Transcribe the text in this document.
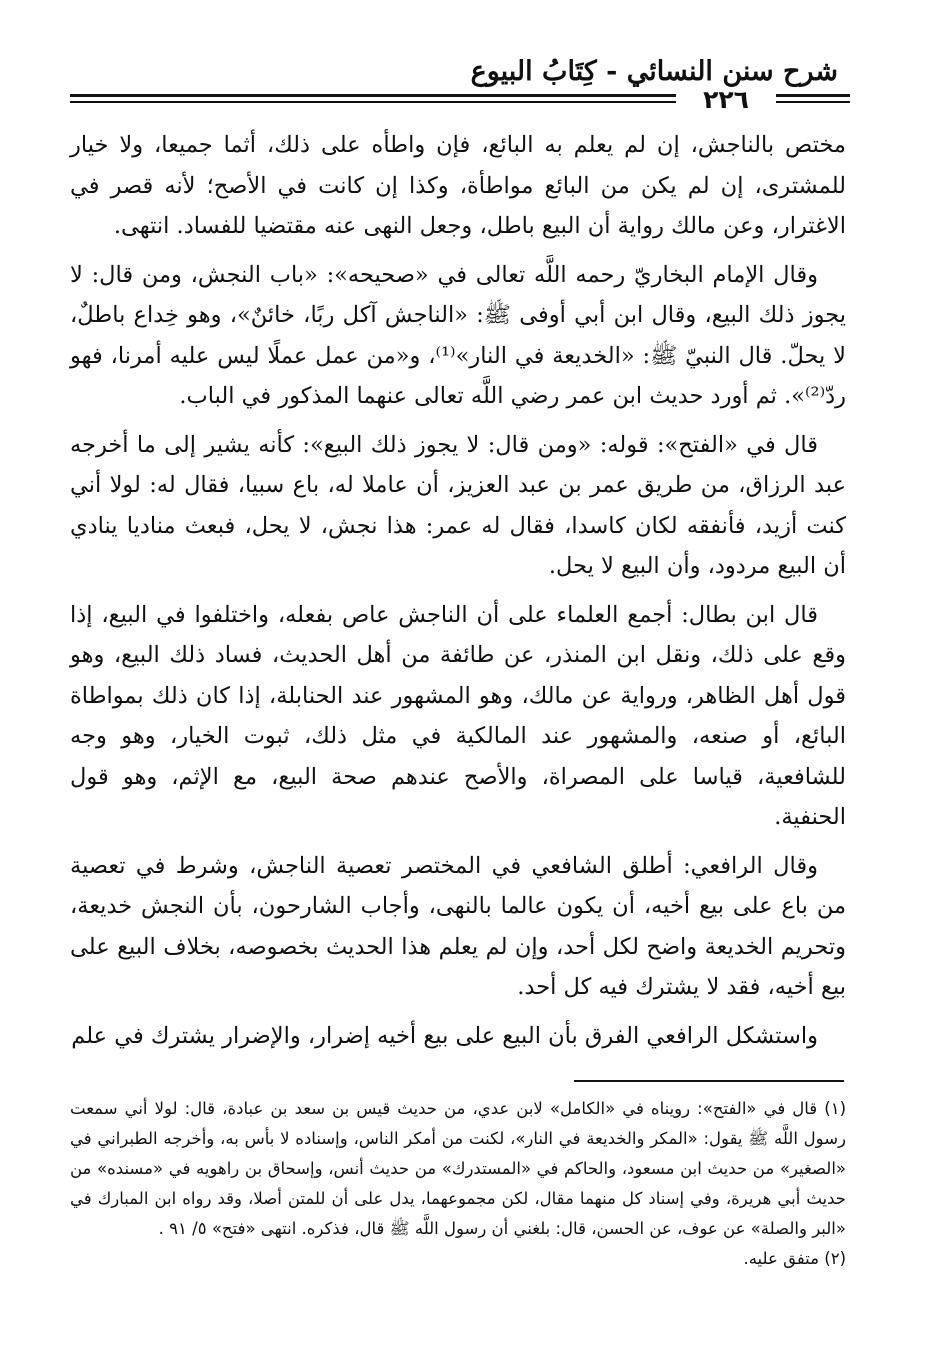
شرح سنن النسائي - كِتَابُ البيوع
٢٢٦

مختص بالناجش، إن لم يعلم به البائع، فإن واطأه على ذلك، أثما جميعا، ولا خيار للمشترى، إن لم يكن من البائع مواطأة، وكذا إن كانت في الأصح؛ لأنه قصر في الاغترار، وعن مالك رواية أن البيع باطل، وجعل النهى عنه مقتضيا للفساد. انتهى.

وقال الإمام البخاريّ رحمه اللَّه تعالى في «صحيحه»: «باب النجش، ومن قال: لا يجوز ذلك البيع، وقال ابن أبي أوفى ﷺ: «الناجش آكل ربًا، خائنٌ»، وهو خِداع باطلٌ، لا يحلّ. قال النبيّ ﷺ: «الخديعة في النار»⁽¹⁾، و«من عمل عملًا ليس عليه أمرنا، فهو ردّ⁽²⁾». ثم أورد حديث ابن عمر رضي اللَّه تعالى عنهما المذكور في الباب.

قال في «الفتح»: قوله: «ومن قال: لا يجوز ذلك البيع»: كأنه يشير إلى ما أخرجه عبد الرزاق، من طريق عمر بن عبد العزيز، أن عاملا له، باع سبيا، فقال له: لولا أني كنت أزيد، فأنفقه لكان كاسدا، فقال له عمر: هذا نجش، لا يحل، فبعث مناديا ينادي أن البيع مردود، وأن البيع لا يحل.

قال ابن بطال: أجمع العلماء على أن الناجش عاص بفعله، واختلفوا في البيع، إذا وقع على ذلك، ونقل ابن المنذر، عن طائفة من أهل الحديث، فساد ذلك البيع، وهو قول أهل الظاهر، ورواية عن مالك، وهو المشهور عند الحنابلة، إذا كان ذلك بمواطاة البائع، أو صنعه، والمشهور عند المالكية في مثل ذلك، ثبوت الخيار، وهو وجه للشافعية، قياسا على المصراة، والأصح عندهم صحة البيع، مع الإثم، وهو قول الحنفية.

وقال الرافعي: أطلق الشافعي في المختصر تعصية الناجش، وشرط في تعصية من باع على بيع أخيه، أن يكون عالما بالنهى، وأجاب الشارحون، بأن النجش خديعة، وتحريم الخديعة واضح لكل أحد، وإن لم يعلم هذا الحديث بخصوصه، بخلاف البيع على بيع أخيه، فقد لا يشترك فيه كل أحد.

واستشكل الرافعي الفرق بأن البيع على بيع أخيه إضرار، والإضرار يشترك في علم

(١) قال في «الفتح»: رويناه في «الكامل» لابن عدي، من حديث قيس بن سعد بن عبادة، قال: لولا أني سمعت رسول اللَّه ﷺ يقول: «المكر والخديعة في النار»، لكنت من أمكر الناس، وإسناده لا بأس به، وأخرجه الطبراني في «الصغير» من حديث ابن مسعود، والحاكم في «المستدرك» من حديث أنس، وإسحاق بن راهويه في «مسنده» من حديث أبي هريرة، وفي إسناد كل منهما مقال، لكن مجموعهما، يدل على أن للمتن أصلا، وقد رواه ابن المبارك في «البر والصلة» عن عوف، عن الحسن، قال: بلغني أن رسول اللَّه ﷺ قال، فذكره. انتهى «فتح» ٥/ ٩١ .

(٢) متفق عليه.
